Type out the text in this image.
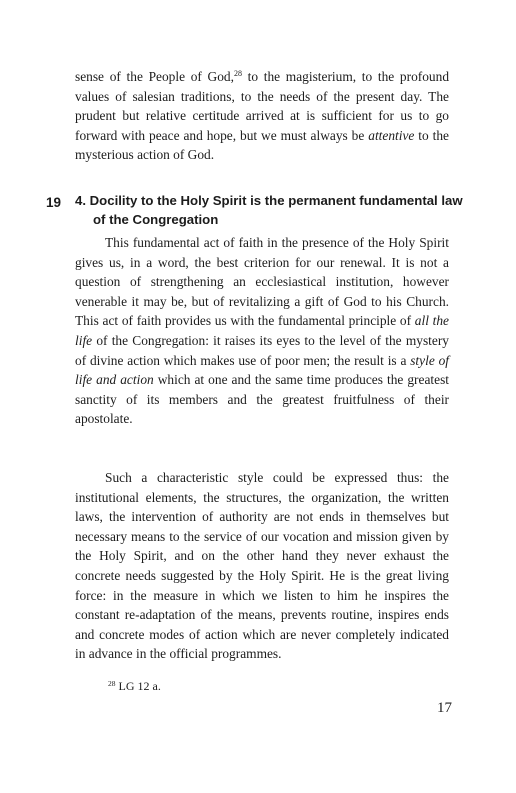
sense of the People of God,$^{28}$ to the magisterium, to the profound values of salesian traditions, to the needs of the present day. The prudent but relative certitude arrived at is sufficient for us to go forward with peace and hope, but we must always be attentive to the mysterious action of God.

19 4. Docility to the Holy Spirit is the permanent fundamental law of the Congregation

This fundamental act of faith in the presence of the Holy Spirit gives us, in a word, the best criterion for our renewal. It is not a question of strengthening an ecclesiastical institution, however venerable it may be, but of revitalizing a gift of God to his Church. This act of faith provides us with the fundamental principle of all the life of the Congregation: it raises its eyes to the level of the mystery of divine action which makes use of poor men; the result is a style of life and action which at one and the same time produces the greatest sanctity of its members and the greatest fruitfulness of their apostolate.

Such a characteristic style could be expressed thus: the institutional elements, the structures, the organization, the written laws, the intervention of authority are not ends in themselves but necessary means to the service of our vocation and mission given by the Holy Spirit, and on the other hand they never exhaust the concrete needs suggested by the Holy Spirit. He is the great living force: in the measure in which we listen to him he inspires the constant re-adaptation of the means, prevents routine, inspires ends and concrete modes of action which are never completely indicated in advance in the official programmes.

$^{28}$ LG 12 a.
17
